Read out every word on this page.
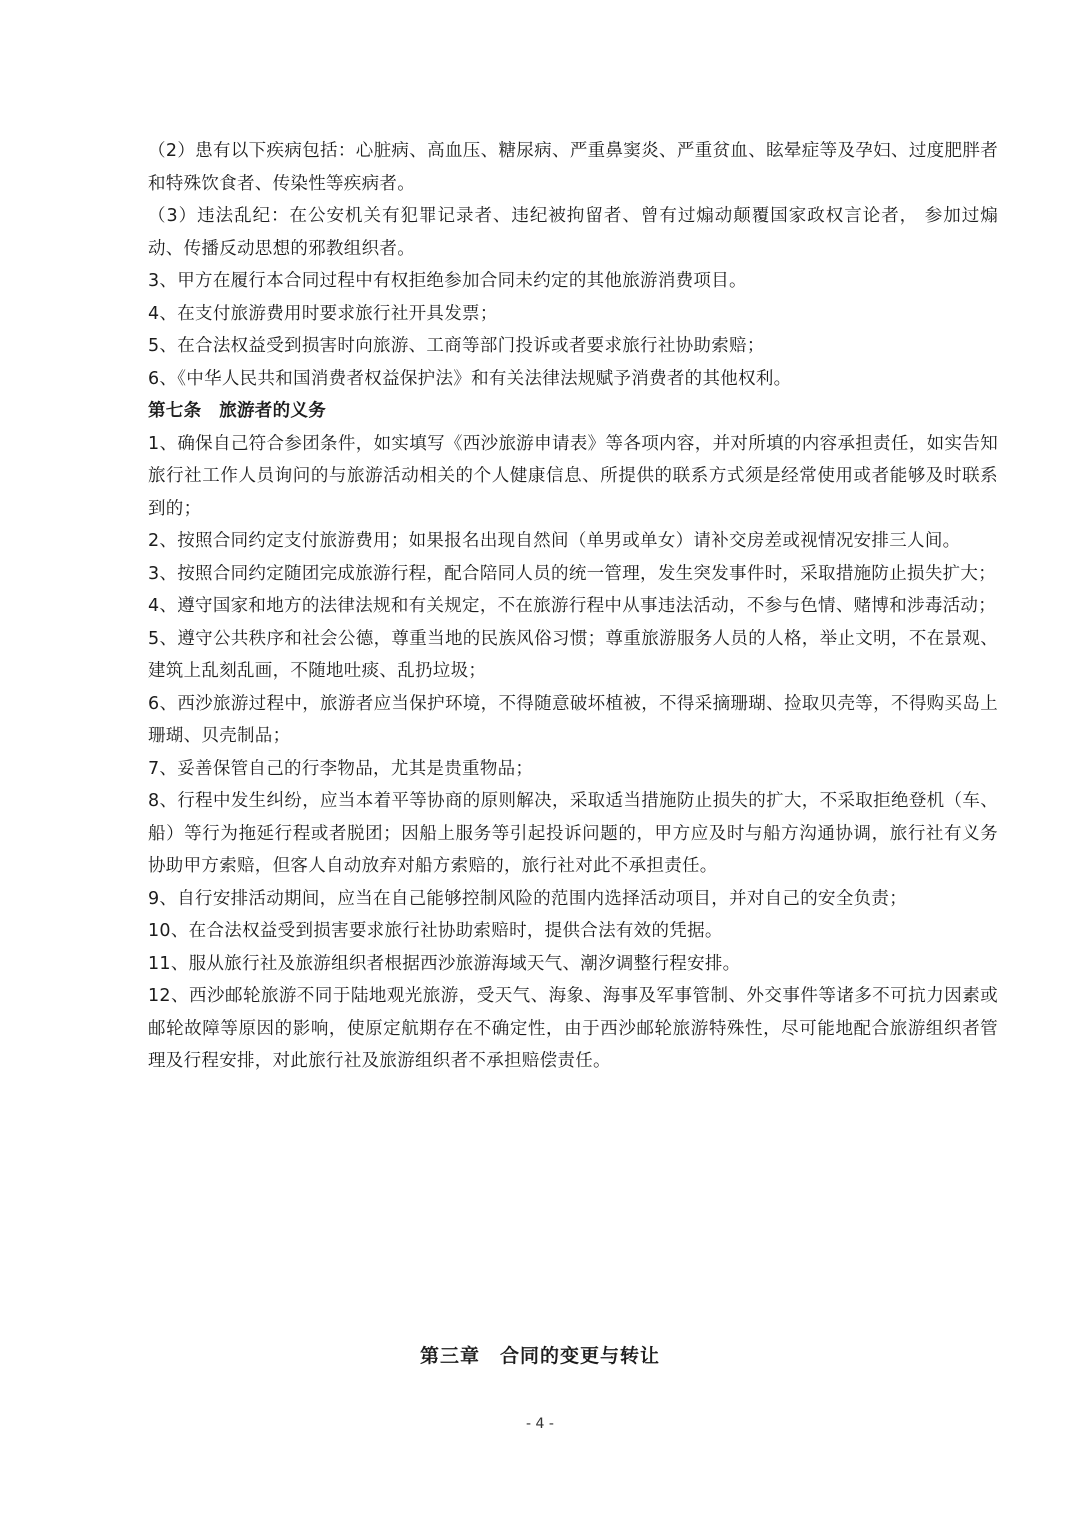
（2）患有以下疾病包括：心脏病、高血压、糖尿病、严重鼻窦炎、严重贫血、眩晕症等及孕妇、过度肥胖者和特殊饮食者、传染性等疾病者。

（3）违法乱纪：在公安机关有犯罪记录者、违纪被拘留者、曾有过煽动颠覆国家政权言论者， 参加过煽动、传播反动思想的邪教组织者。

3、甲方在履行本合同过程中有权拒绝参加合同未约定的其他旅游消费项目。

4、在支付旅游费用时要求旅行社开具发票；

5、在合法权益受到损害时向旅游、工商等部门投诉或者要求旅行社协助索赔；

6、《中华人民共和国消费者权益保护法》和有关法律法规赋予消费者的其他权利。

第七条　旅游者的义务

1、确保自己符合参团条件，如实填写《西沙旅游申请表》等各项内容，并对所填的内容承担责任，如实告知旅行社工作人员询问的与旅游活动相关的个人健康信息、所提供的联系方式须是经常使用或者能够及时联系到的；

2、按照合同约定支付旅游费用；如果报名出现自然间（单男或单女）请补交房差或视情况安排三人间。

3、按照合同约定随团完成旅游行程，配合陪同人员的统一管理，发生突发事件时，采取措施防止损失扩大；

4、遵守国家和地方的法律法规和有关规定，不在旅游行程中从事违法活动，不参与色情、赌博和涉毒活动；

5、遵守公共秩序和社会公德，尊重当地的民族风俗习惯；尊重旅游服务人员的人格，举止文明，不在景观、建筑上乱刻乱画，不随地吐痰、乱扔垃圾；

6、西沙旅游过程中，旅游者应当保护环境，不得随意破坏植被，不得采摘珊瑚、捡取贝壳等，不得购买岛上珊瑚、贝壳制品；

7、妥善保管自己的行李物品，尤其是贵重物品；

8、行程中发生纠纷，应当本着平等协商的原则解决，采取适当措施防止损失的扩大，不采取拒绝登机（车、船）等行为拖延行程或者脱团；因船上服务等引起投诉问题的，甲方应及时与船方沟通协调，旅行社有义务协助甲方索赔，但客人自动放弃对船方索赔的，旅行社对此不承担责任。

9、自行安排活动期间，应当在自己能够控制风险的范围内选择活动项目，并对自己的安全负责；

10、在合法权益受到损害要求旅行社协助索赔时，提供合法有效的凭据。

11、服从旅行社及旅游组织者根据西沙旅游海域天气、潮汐调整行程安排。

12、西沙邮轮旅游不同于陆地观光旅游，受天气、海象、海事及军事管制、外交事件等诸多不可抗力因素或邮轮故障等原因的影响，使原定航期存在不确定性，由于西沙邮轮旅游特殊性，尽可能地配合旅游组织者管理及行程安排，对此旅行社及旅游组织者不承担赔偿责任。

第三章　合同的变更与转让
- 4 -
